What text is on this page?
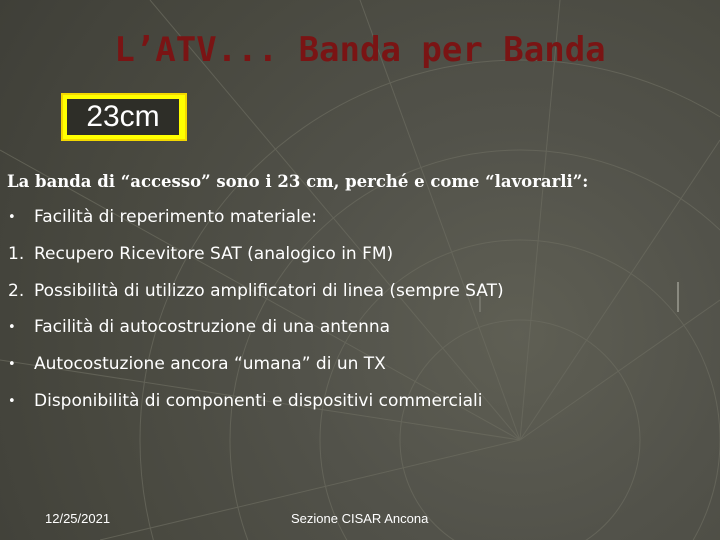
L’ATV... Banda per Banda
23cm
La banda di “accesso” sono i 23 cm, perché e come “lavorarli”:
•	Facilità di reperimento materiale:
1. Recupero Ricevitore SAT (analogico in FM)
2. Possibilità di utilizzo amplificatori di linea (sempre SAT)
•	Facilità di autocostruzione di una antenna
•	Autocostuzione ancora “umana” di un TX
•	Disponibilità di componenti e dispositivi commerciali
12/25/2021	Sezione CISAR Ancona
